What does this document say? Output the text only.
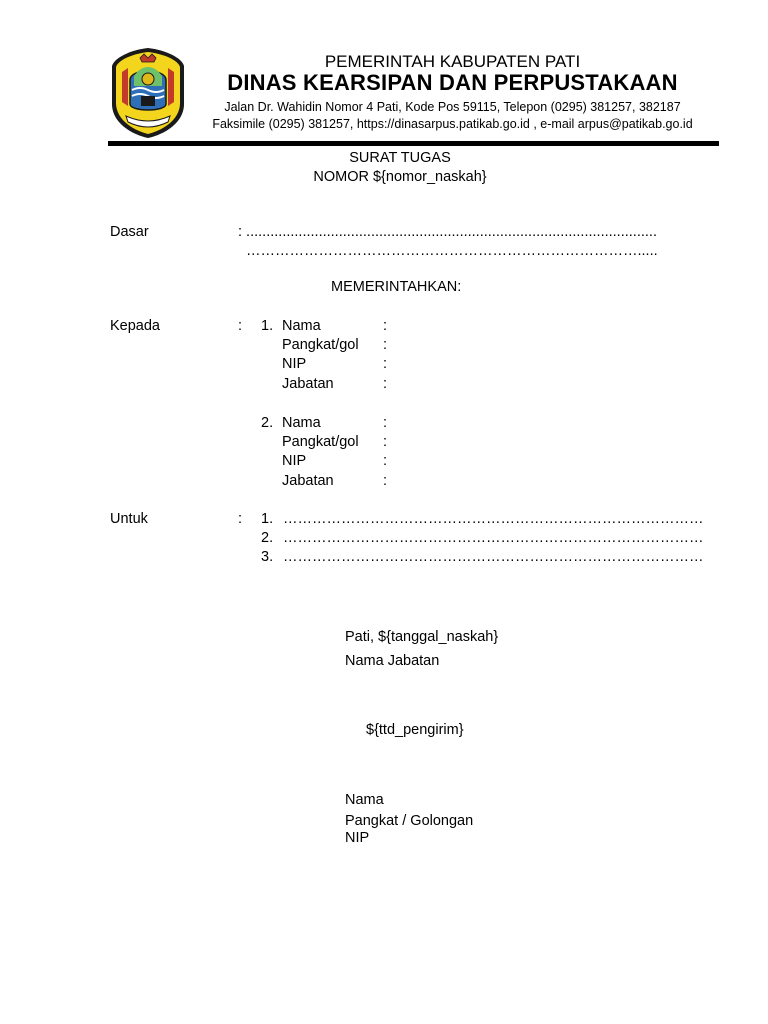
PEMERINTAH KABUPATEN PATI
DINAS KEARSIPAN DAN PERPUSTAKAAN
Jalan Dr. Wahidin Nomor 4 Pati, Kode Pos 59115, Telepon (0295) 381257, 382187
Faksimile (0295) 381257, https://dinasarpus.patikab.go.id , e-mail arpus@patikab.go.id
SURAT TUGAS
NOMOR ${nomor_naskah}
Dasar	: ......................................................................................................
……………………………………………………………………….....
MEMERINTAHKAN:
Kepada	: 1. Nama	:
Pangkat/gol :
NIP	:
Jabatan	:
2. Nama	:
Pangkat/gol :
NIP	:
Jabatan	:
Untuk	: 1. ……………………………………………………………………………
2. ……………………………………………………………………………
3. ……………………………………………………………………………
Pati, ${tanggal_naskah}
Nama Jabatan
${ttd_pengirim}
Nama
Pangkat / Golongan
NIP
